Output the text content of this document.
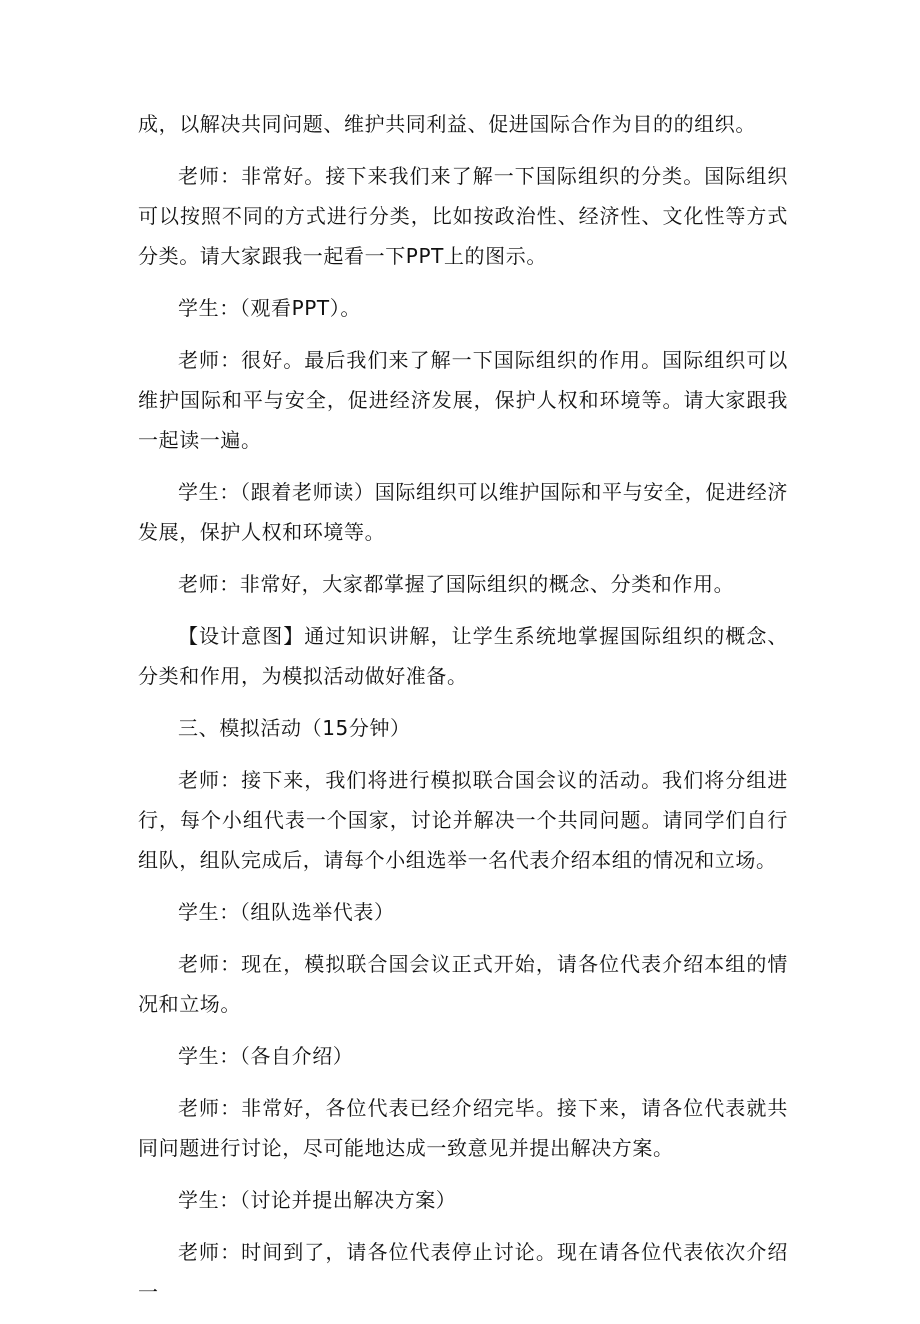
成，以解决共同问题、维护共同利益、促进国际合作为目的的组织。

老师：非常好。接下来我们来了解一下国际组织的分类。国际组织可以按照不同的方式进行分类，比如按政治性、经济性、文化性等方式分类。请大家跟我一起看一下PPT上的图示。

学生：（观看PPT）。

老师：很好。最后我们来了解一下国际组织的作用。国际组织可以维护国际和平与安全，促进经济发展，保护人权和环境等。请大家跟我一起读一遍。

学生：（跟着老师读）国际组织可以维护国际和平与安全，促进经济发展，保护人权和环境等。

老师：非常好，大家都掌握了国际组织的概念、分类和作用。

【设计意图】通过知识讲解，让学生系统地掌握国际组织的概念、分类和作用，为模拟活动做好准备。

三、模拟活动（15分钟）

老师：接下来，我们将进行模拟联合国会议的活动。我们将分组进行，每个小组代表一个国家，讨论并解决一个共同问题。请同学们自行组队，组队完成后，请每个小组选举一名代表介绍本组的情况和立场。

学生：（组队选举代表）

老师：现在，模拟联合国会议正式开始，请各位代表介绍本组的情况和立场。

学生：（各自介绍）

老师：非常好，各位代表已经介绍完毕。接下来，请各位代表就共同问题进行讨论，尽可能地达成一致意见并提出解决方案。

学生：（讨论并提出解决方案）

老师：时间到了，请各位代表停止讨论。现在请各位代表依次介绍一
